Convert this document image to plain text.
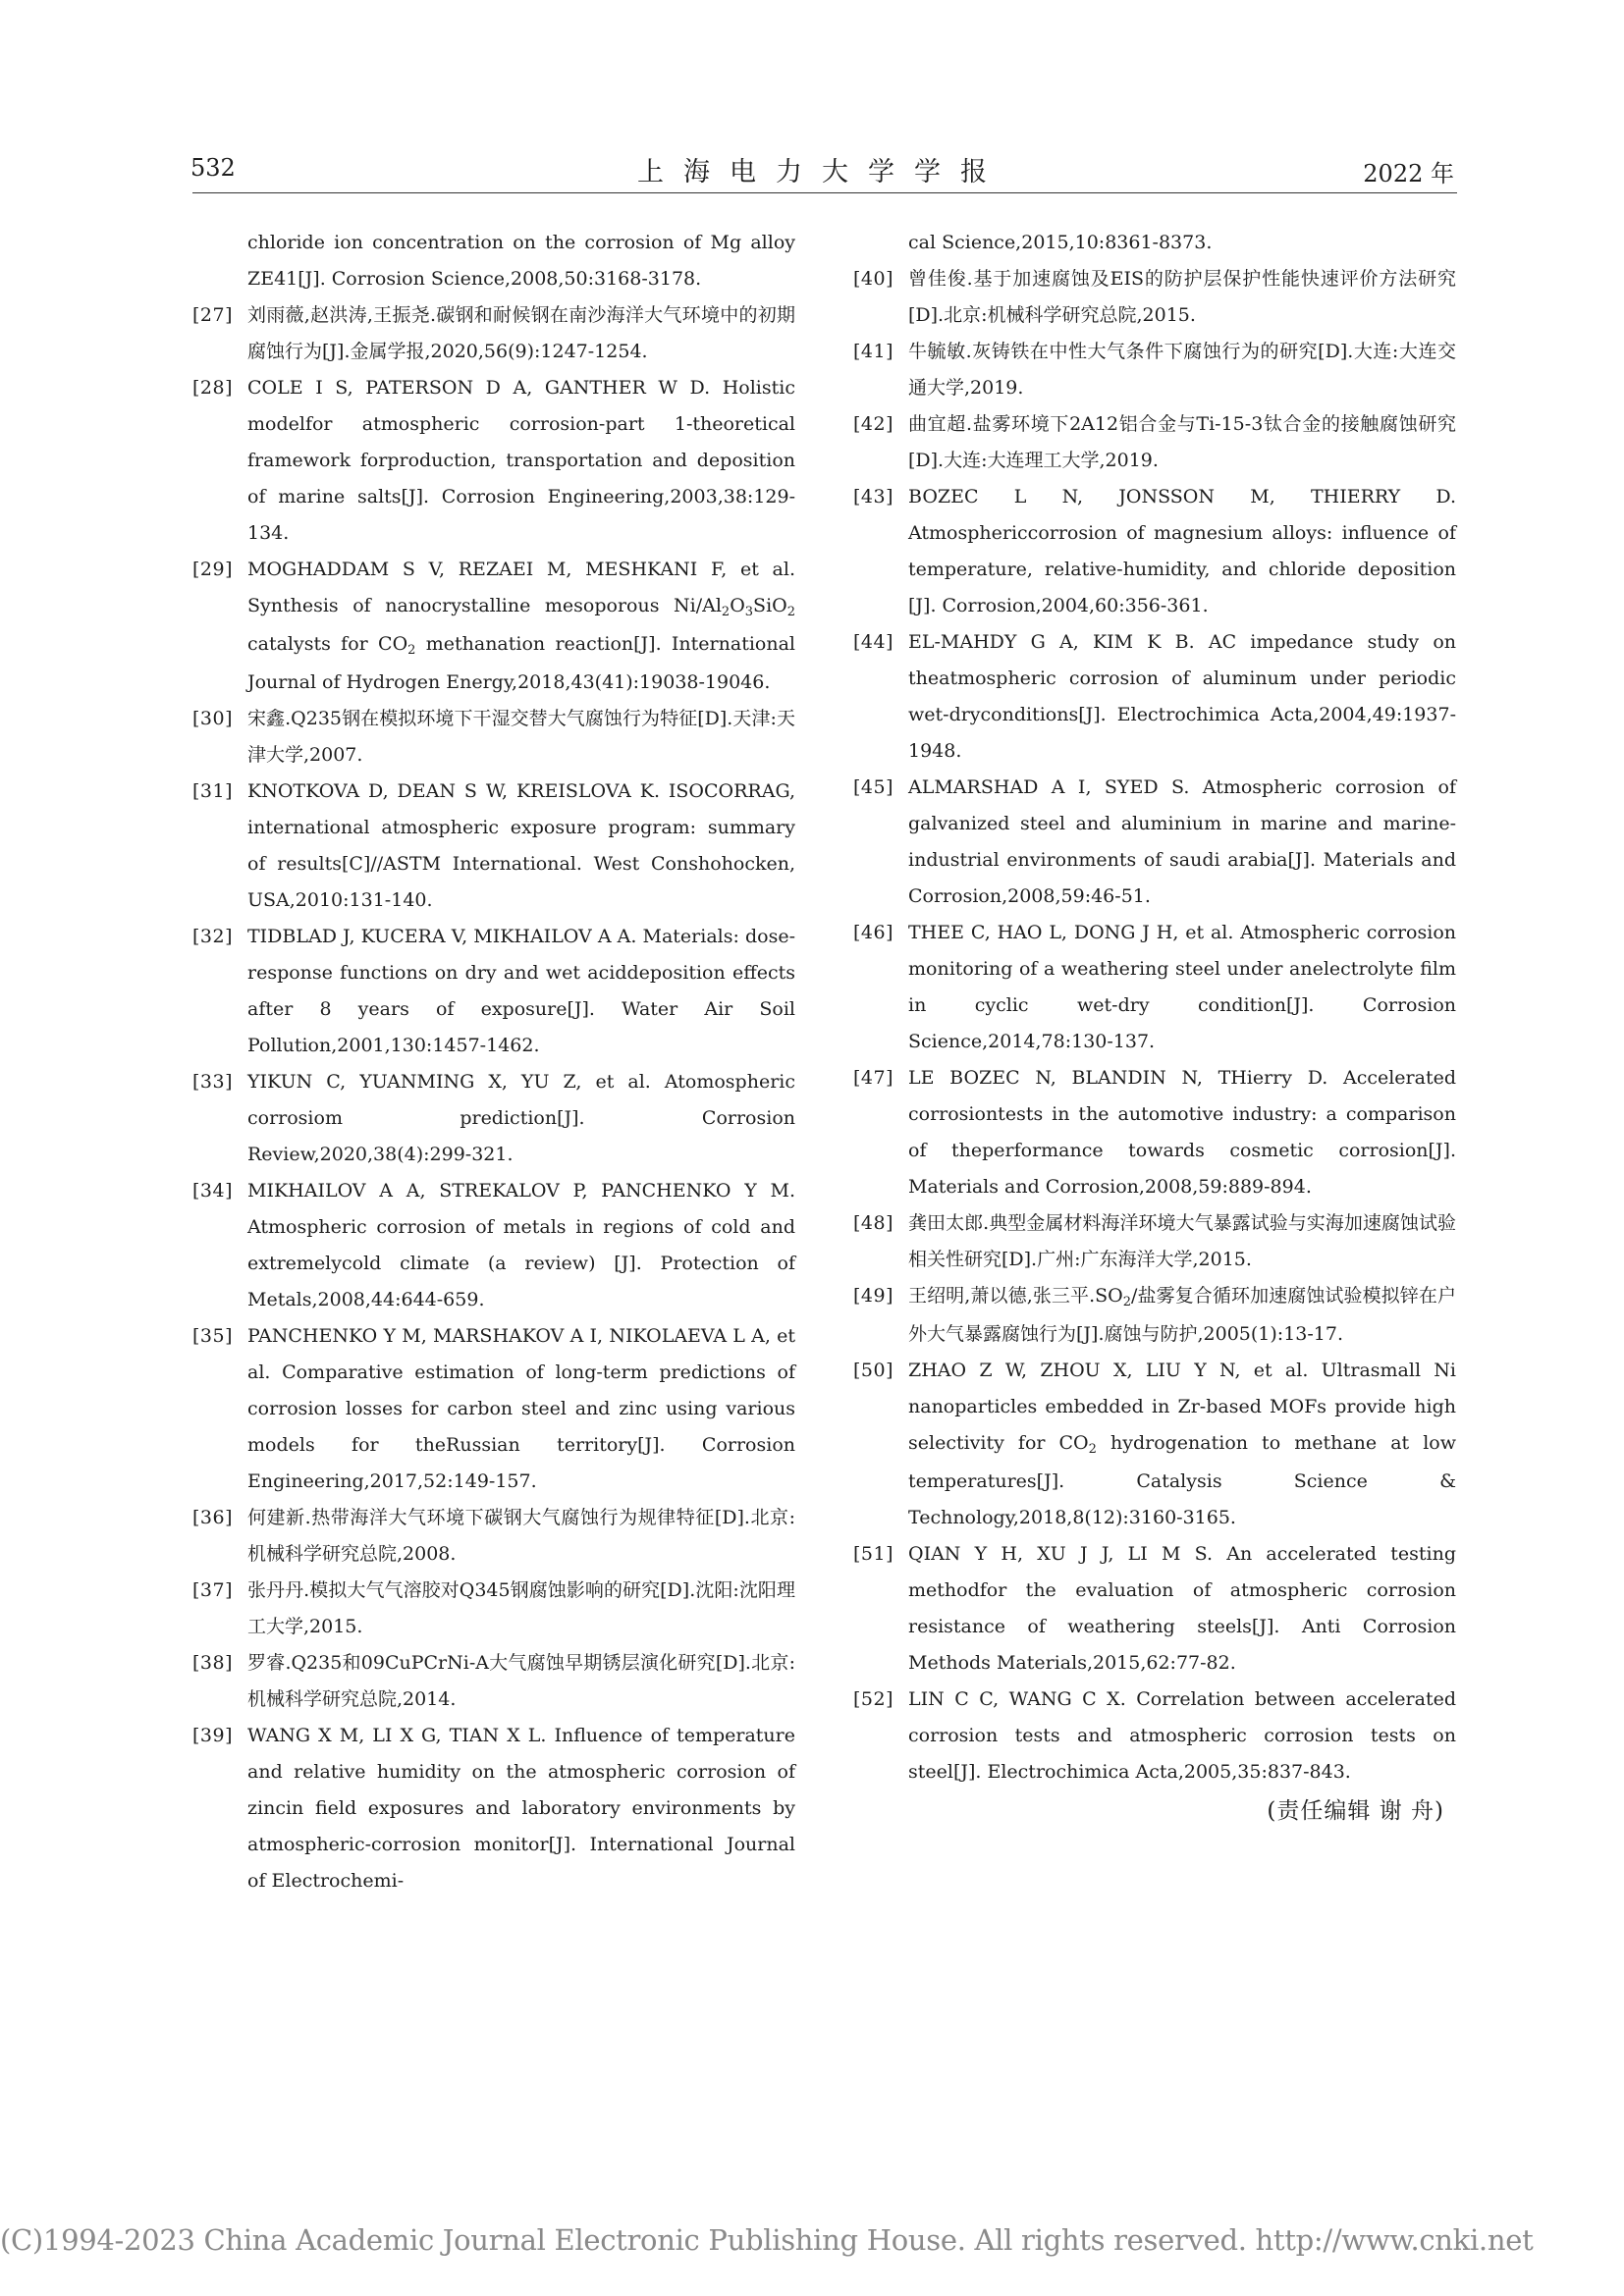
532	上海电力大学学报	2022 年
chloride ion concentration on the corrosion of Mg alloy ZE41[J]. Corrosion Science,2008,50:3168-3178.
[27] 刘雨薇,赵洪涛,王振尧.碳钢和耐候钢在南沙海洋大气环境中的初期腐蚀行为[J].金属学报,2020,56(9):1247-1254.
[28] COLE I S, PATERSON D A, GANTHER W D. Holistic modelfor atmospheric corrosion-part 1-theoretical framework forproduction, transportation and deposition of marine salts[J]. Corrosion Engineering,2003,38:129-134.
[29] MOGHADDAM S V, REZAEI M, MESHKANI F, et al. Synthesis of nanocrystalline mesoporous $Ni/Al_2O_3SiO_2$ catalysts for $CO_2$ methanation reaction[J]. International Journal of Hydrogen Energy,2018,43(41):19038-19046.
[30] 宋鑫.Q235钢在模拟环境下干湿交替大气腐蚀行为特征[D].天津:天津大学,2007.
[31] KNOTKOVA D, DEAN S W, KREISLOVA K. ISOCORRAG, international atmospheric exposure program: summary of results[C]//ASTM International. West Conshohocken, USA,2010:131-140.
[32] TIDBLAD J, KUCERA V, MIKHAILOV A A. Materials: dose-response functions on dry and wet aciddeposition effects after 8 years of exposure[J]. Water Air Soil Pollution,2001,130:1457-1462.
[33] YIKUN C, YUANMING X, YU Z, et al. Atomospheric corrosiom prediction[J]. Corrosion Review,2020,38(4):299-321.
[34] MIKHAILOV A A, STREKALOV P, PANCHENKO Y M. Atmospheric corrosion of metals in regions of cold and extremelycold climate (a review) [J]. Protection of Metals,2008,44:644-659.
[35] PANCHENKO Y M, MARSHAKOV A I, NIKOLAEVA L A, et al. Comparative estimation of long-term predictions of corrosion losses for carbon steel and zinc using various models for theRussian territory[J]. Corrosion Engineering,2017,52:149-157.
[36] 何建新.热带海洋大气环境下碳钢大气腐蚀行为规律特征[D].北京:机械科学研究总院,2008.
[37] 张丹丹.模拟大气气溶胶对Q345钢腐蚀影响的研究[D].沈阳:沈阳理工大学,2015.
[38] 罗睿.Q235和09CuPCrNi-A大气腐蚀早期锈层演化研究[D].北京:机械科学研究总院,2014.
[39] WANG X M, LI X G, TIAN X L. Influence of temperature and relative humidity on the atmospheric corrosion of zincin field exposures and laboratory environments by atmospheric-corrosion monitor[J]. International Journal of Electrochemi-
cal Science,2015,10:8361-8373.
[40] 曾佳俊.基于加速腐蚀及EIS的防护层保护性能快速评价方法研究[D].北京:机械科学研究总院,2015.
[41] 牛毓敏.灰铸铁在中性大气条件下腐蚀行为的研究[D].大连:大连交通大学,2019.
[42] 曲宜超.盐雾环境下2A12铝合金与Ti-15-3钛合金的接触腐蚀研究[D].大连:大连理工大学,2019.
[43] BOZEC L N, JONSSON M, THIERRY D. Atmosphericcorrosion of magnesium alloys: influence of temperature, relative-humidity, and chloride deposition [J]. Corrosion,2004,60:356-361.
[44] EL-MAHDY G A, KIM K B. AC impedance study on theatmospheric corrosion of aluminum under periodic wet-dryconditions[J]. Electrochimica Acta,2004,49:1937-1948.
[45] ALMARSHAD A I, SYED S. Atmospheric corrosion of galvanized steel and aluminium in marine and marine-industrial environments of saudi arabia[J]. Materials and Corrosion,2008,59:46-51.
[46] THEE C, HAO L, DONG J H, et al. Atmospheric corrosion monitoring of a weathering steel under anelectrolyte film in cyclic wet-dry condition[J]. Corrosion Science,2014,78:130-137.
[47] LE BOZEC N, BLANDIN N, THierry D. Accelerated corrosiontests in the automotive industry: a comparison of theperformance towards cosmetic corrosion[J]. Materials and Corrosion,2008,59:889-894.
[48] 龚田太郎.典型金属材料海洋环境大气暴露试验与实海加速腐蚀试验相关性研究[D].广州:广东海洋大学,2015.
[49] 王绍明,萧以德,张三平$.SO_2/$盐雾复合循环加速腐蚀试验模拟锌在户外大气暴露腐蚀行为[J].腐蚀与防护,2005(1):13-17.
[50] ZHAO Z W, ZHOU X, LIU Y N, et al. Ultrasmall Ni nanoparticles embedded in Zr-based MOFs provide high selectivity for $CO_2$ hydrogenation to methane at low temperatures[J]. Catalysis Science & Technology,2018,8(12):3160-3165.
[51] QIAN Y H, XU J J, LI M S. An accelerated testing methodfor the evaluation of atmospheric corrosion resistance of weathering steels[J]. Anti Corrosion Methods Materials,2015,62:77-82.
[52] LIN C C, WANG C X. Correlation between accelerated corrosion tests and atmospheric corrosion tests on steel[J]. Electrochimica Acta,2005,35:837-843.
(责任编辑 谢 舟)
(C)1994-2023 China Academic Journal Electronic Publishing House. All rights reserved. http://www.cnki.net
